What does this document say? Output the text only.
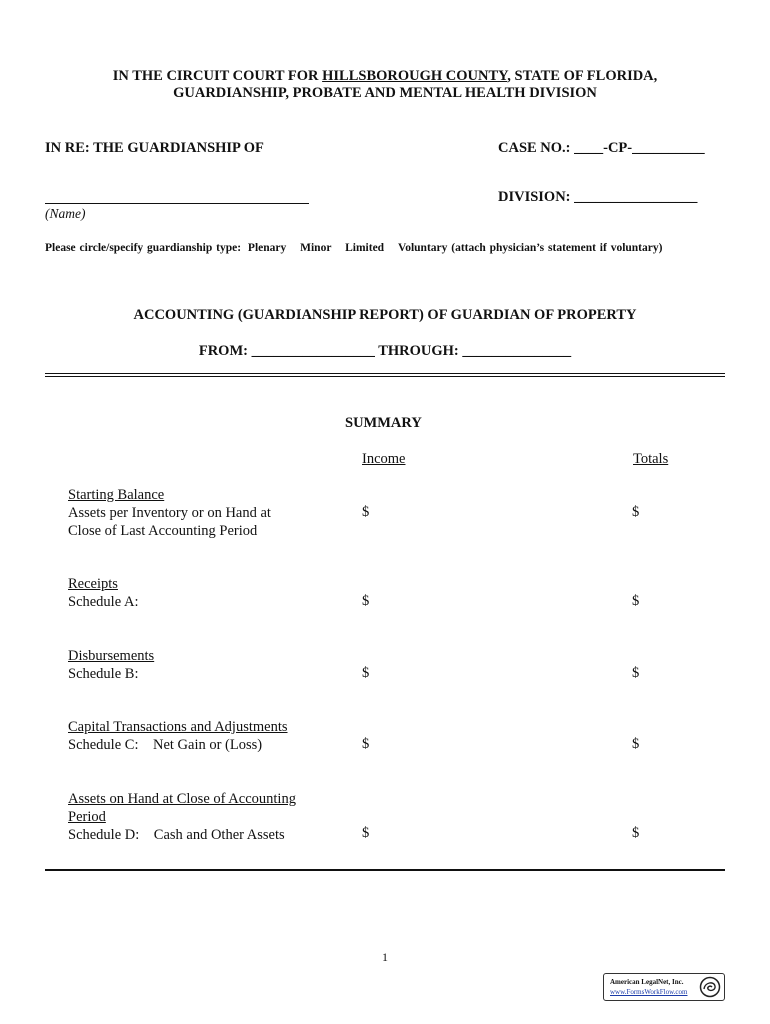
IN THE CIRCUIT COURT FOR HILLSBOROUGH COUNTY, STATE OF FLORIDA,
GUARDIANSHIP, PROBATE AND MENTAL HEALTH DIVISION
IN RE: THE GUARDIANSHIP OF	CASE NO.: ____-CP-__________
(Name)
DIVISION: _________________
Please circle/specify guardianship type: Plenary Minor Limited Voluntary (attach physician’s statement if voluntary)
ACCOUNTING (GUARDIANSHIP REPORT) OF GUARDIAN OF PROPERTY
FROM: _________________ THROUGH: _______________
SUMMARY
Income	Totals
Starting Balance
Assets per Inventory or on Hand at
Close of Last Accounting Period
$	$
Receipts
Schedule A:	$	$
Disbursements
Schedule B:	$	$
Capital Transactions and Adjustments
Schedule C:    Net Gain or (Loss)	$	$
Assets on Hand at Close of Accounting Period
Schedule D:    Cash and Other Assets	$	$
1
American LegalNet, Inc.
www.FormsWorkFlow.com
